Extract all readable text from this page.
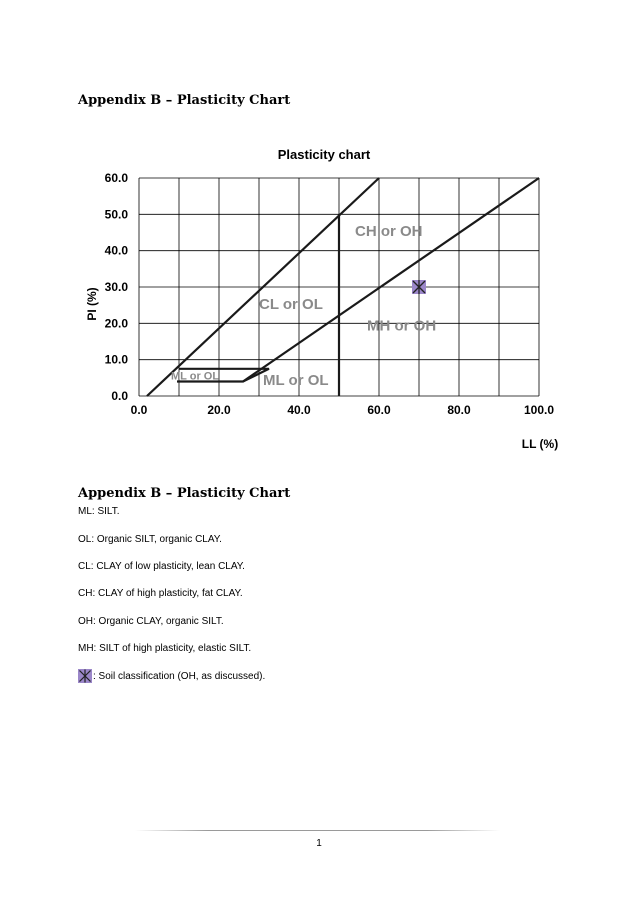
Appendix B – Plasticity Chart
Plasticity chart
CH or OH
CL or OL
MH or OH
ML or OL	ML or OL
0.0	20.0	40.0	60.0	80.0	100.0
0.0
10.0
20.0
30.0
40.0
50.0
60.0
PI (%)
LL (%)
Appendix B – Plasticity Chart

ML: SILT.

OL: Organic SILT, organic CLAY.

CL: CLAY of low plasticity, lean CLAY.

CH: CLAY of high plasticity, fat CLAY.

OH: Organic CLAY, organic SILT.

MH: SILT of high plasticity, elastic SILT.

: Soil classification (OH, as discussed).
1
